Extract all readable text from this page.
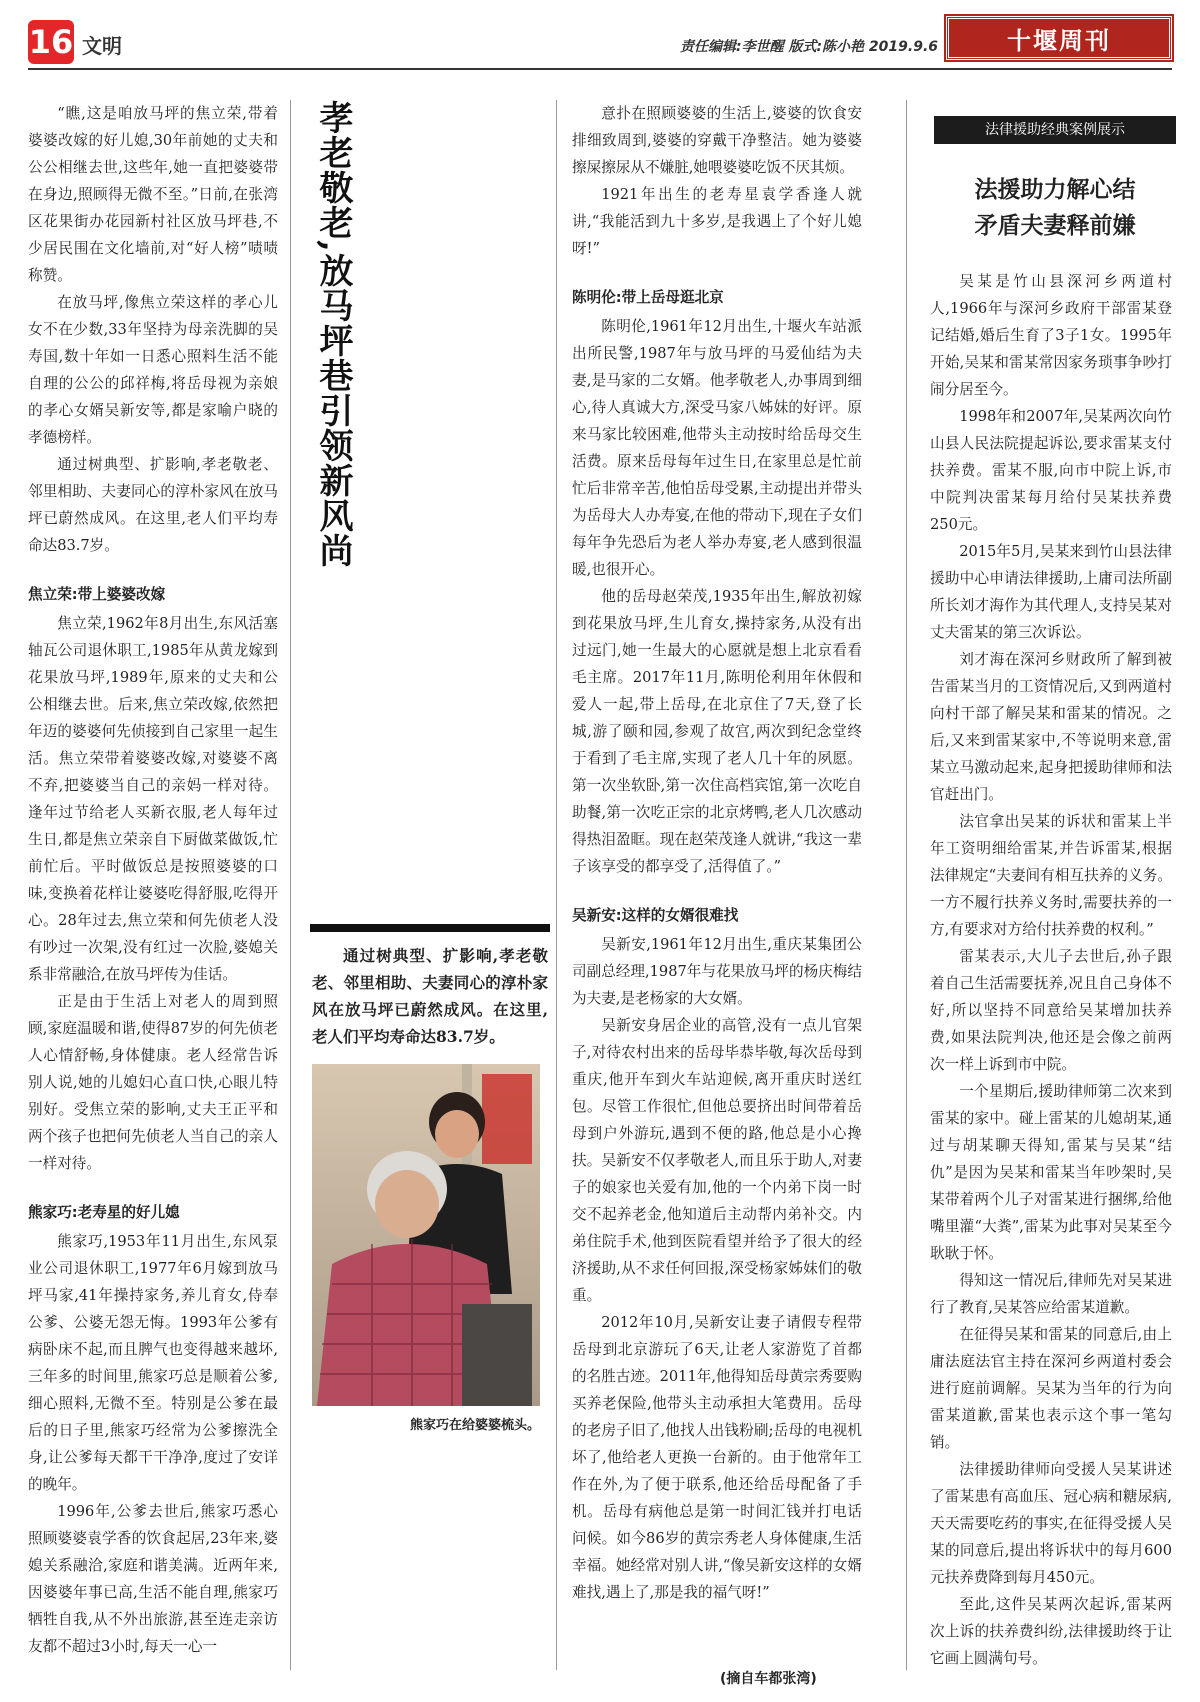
16 文明	责任编辑:李世醒 版式:陈小艳 2019.9.6	十堰周刊

“瞧,这是咱放马坪的焦立荣,带着婆婆改嫁的好儿媳,30年前她的丈夫和公公相继去世,这些年,她一直把婆婆带在身边,照顾得无微不至。”日前,在张湾区花果街办花园新村社区放马坪巷,不少居民围在文化墙前,对“好人榜”啧啧称赞。

在放马坪,像焦立荣这样的孝心儿女不在少数,33年坚持为母亲洗脚的吴寿国,数十年如一日悉心照料生活不能自理的公公的邱祥梅,将岳母视为亲娘的孝心女婿吴新安等,都是家喻户晓的孝德榜样。

通过树典型、扩影响,孝老敬老、邻里相助、夫妻同心的淳朴家风在放马坪已蔚然成风。在这里,老人们平均寿命达83.7岁。

焦立荣:带上婆婆改嫁

焦立荣,1962年8月出生,东风活塞轴瓦公司退休职工,1985年从黄龙嫁到花果放马坪,1989年,原来的丈夫和公公相继去世。后来,焦立荣改嫁,依然把年迈的婆婆何先侦接到自己家里一起生活。焦立荣带着婆婆改嫁,对婆婆不离不弃,把婆婆当自己的亲妈一样对待。逢年过节给老人买新衣服,老人每年过生日,都是焦立荣亲自下厨做菜做饭,忙前忙后。平时做饭总是按照婆婆的口味,变换着花样让婆婆吃得舒服,吃得开心。28年过去,焦立荣和何先侦老人没有吵过一次架,没有红过一次脸,婆媳关系非常融洽,在放马坪传为佳话。

正是由于生活上对老人的周到照顾,家庭温暖和谐,使得87岁的何先侦老人心情舒畅,身体健康。老人经常告诉别人说,她的儿媳妇心直口快,心眼儿特别好。受焦立荣的影响,丈夫王正平和两个孩子也把何先侦老人当自己的亲人一样对待。

熊家巧:老寿星的好儿媳

熊家巧,1953年11月出生,东风泵业公司退休职工,1977年6月嫁到放马坪马家,41年操持家务,养儿育女,侍奉公爹、公婆无怨无悔。1993年公爹有病卧床不起,而且脾气也变得越来越坏,三年多的时间里,熊家巧总是顺着公爹,细心照料,无微不至。特别是公爹在最后的日子里,熊家巧经常为公爹擦洗全身,让公爹每天都干干净净,度过了安详的晚年。

1996年,公爹去世后,熊家巧悉心照顾婆婆袁学香的饮食起居,23年来,婆媳关系融洽,家庭和谐美满。近两年来,因婆婆年事已高,生活不能自理,熊家巧牺牲自我,从不外出旅游,甚至连走亲访友都不超过3小时,每天一心一

孝老敬老,放马坪巷引领新风尚
通过树典型、扩影响,孝老敬老、邻里相助、夫妻同心的淳朴家风在放马坪已蔚然成风。在这里,老人们平均寿命达83.7岁。
熊家巧在给婆婆梳头。

意扑在照顾婆婆的生活上,婆婆的饮食安排细致周到,婆婆的穿戴干净整洁。她为婆婆擦屎擦尿从不嫌脏,她喂婆婆吃饭不厌其烦。

1921年出生的老寿星袁学香逢人就讲,“我能活到九十多岁,是我遇上了个好儿媳呀!”

陈明伦:带上岳母逛北京

陈明伦,1961年12月出生,十堰火车站派出所民警,1987年与放马坪的马爱仙结为夫妻,是马家的二女婿。他孝敬老人,办事周到细心,待人真诚大方,深受马家八姊妹的好评。原来马家比较困难,他带头主动按时给岳母交生活费。原来岳母每年过生日,在家里总是忙前忙后非常辛苦,他怕岳母受累,主动提出并带头为岳母大人办寿宴,在他的带动下,现在子女们每年争先恐后为老人举办寿宴,老人感到很温暖,也很开心。

他的岳母赵荣茂,1935年出生,解放初嫁到花果放马坪,生儿育女,操持家务,从没有出过远门,她一生最大的心愿就是想上北京看看毛主席。2017年11月,陈明伦利用年休假和爱人一起,带上岳母,在北京住了7天,登了长城,游了颐和园,参观了故宫,两次到纪念堂终于看到了毛主席,实现了老人几十年的夙愿。第一次坐软卧,第一次住高档宾馆,第一次吃自助餐,第一次吃正宗的北京烤鸭,老人几次感动得热泪盈眶。现在赵荣茂逢人就讲,“我这一辈子该享受的都享受了,活得值了。”

吴新安:这样的女婿很难找

吴新安,1961年12月出生,重庆某集团公司副总经理,1987年与花果放马坪的杨庆梅结为夫妻,是老杨家的大女婿。

吴新安身居企业的高管,没有一点儿官架子,对待农村出来的岳母毕恭毕敬,每次岳母到重庆,他开车到火车站迎候,离开重庆时送红包。尽管工作很忙,但他总要挤出时间带着岳母到户外游玩,遇到不便的路,他总是小心搀扶。吴新安不仅孝敬老人,而且乐于助人,对妻子的娘家也关爱有加,他的一个内弟下岗一时交不起养老金,他知道后主动帮内弟补交。内弟住院手术,他到医院看望并给予了很大的经济援助,从不求任何回报,深受杨家姊妹们的敬重。

2012年10月,吴新安让妻子请假专程带岳母到北京游玩了6天,让老人家游览了首都的名胜古迹。2011年,他得知岳母黄宗秀要购买养老保险,他带头主动承担大笔费用。岳母的老房子旧了,他找人出钱粉刷;岳母的电视机坏了,他给老人更换一台新的。由于他常年工作在外,为了便于联系,他还给岳母配备了手机。岳母有病他总是第一时间汇钱并打电话问候。如今86岁的黄宗秀老人身体健康,生活幸福。她经常对别人讲,“像吴新安这样的女婿难找,遇上了,那是我的福气呀!”

(摘自车都张湾)
法律援助经典案例展示
法援助力解心结
矛盾夫妻释前嫌

吴某是竹山县深河乡两道村人,1966年与深河乡政府干部雷某登记结婚,婚后生育了3子1女。1995年开始,吴某和雷某常因家务琐事争吵打闹分居至今。

1998年和2007年,吴某两次向竹山县人民法院提起诉讼,要求雷某支付扶养费。雷某不服,向市中院上诉,市中院判决雷某每月给付吴某扶养费250元。

2015年5月,吴某来到竹山县法律援助中心申请法律援助,上庸司法所副所长刘才海作为其代理人,支持吴某对丈夫雷某的第三次诉讼。

刘才海在深河乡财政所了解到被告雷某当月的工资情况后,又到两道村向村干部了解吴某和雷某的情况。之后,又来到雷某家中,不等说明来意,雷某立马激动起来,起身把援助律师和法官赶出门。

法官拿出吴某的诉状和雷某上半年工资明细给雷某,并告诉雷某,根据法律规定“夫妻间有相互扶养的义务。一方不履行扶养义务时,需要扶养的一方,有要求对方给付扶养费的权利。”

雷某表示,大儿子去世后,孙子跟着自己生活需要抚养,况且自己身体不好,所以坚持不同意给吴某增加扶养费,如果法院判决,他还是会像之前两次一样上诉到市中院。

一个星期后,援助律师第二次来到雷某的家中。碰上雷某的儿媳胡某,通过与胡某聊天得知,雷某与吴某“结仇”是因为吴某和雷某当年吵架时,吴某带着两个儿子对雷某进行捆绑,给他嘴里灌“大粪”,雷某为此事对吴某至今耿耿于怀。

得知这一情况后,律师先对吴某进行了教育,吴某答应给雷某道歉。

在征得吴某和雷某的同意后,由上庸法庭法官主持在深河乡两道村委会进行庭前调解。吴某为当年的行为向雷某道歉,雷某也表示这个事一笔勾销。

法律援助律师向受援人吴某讲述了雷某患有高血压、冠心病和糖尿病,天天需要吃药的事实,在征得受援人吴某的同意后,提出将诉状中的每月600元扶养费降到每月450元。

至此,这件吴某两次起诉,雷某两次上诉的扶养费纠纷,法律援助终于让它画上圆满句号。
